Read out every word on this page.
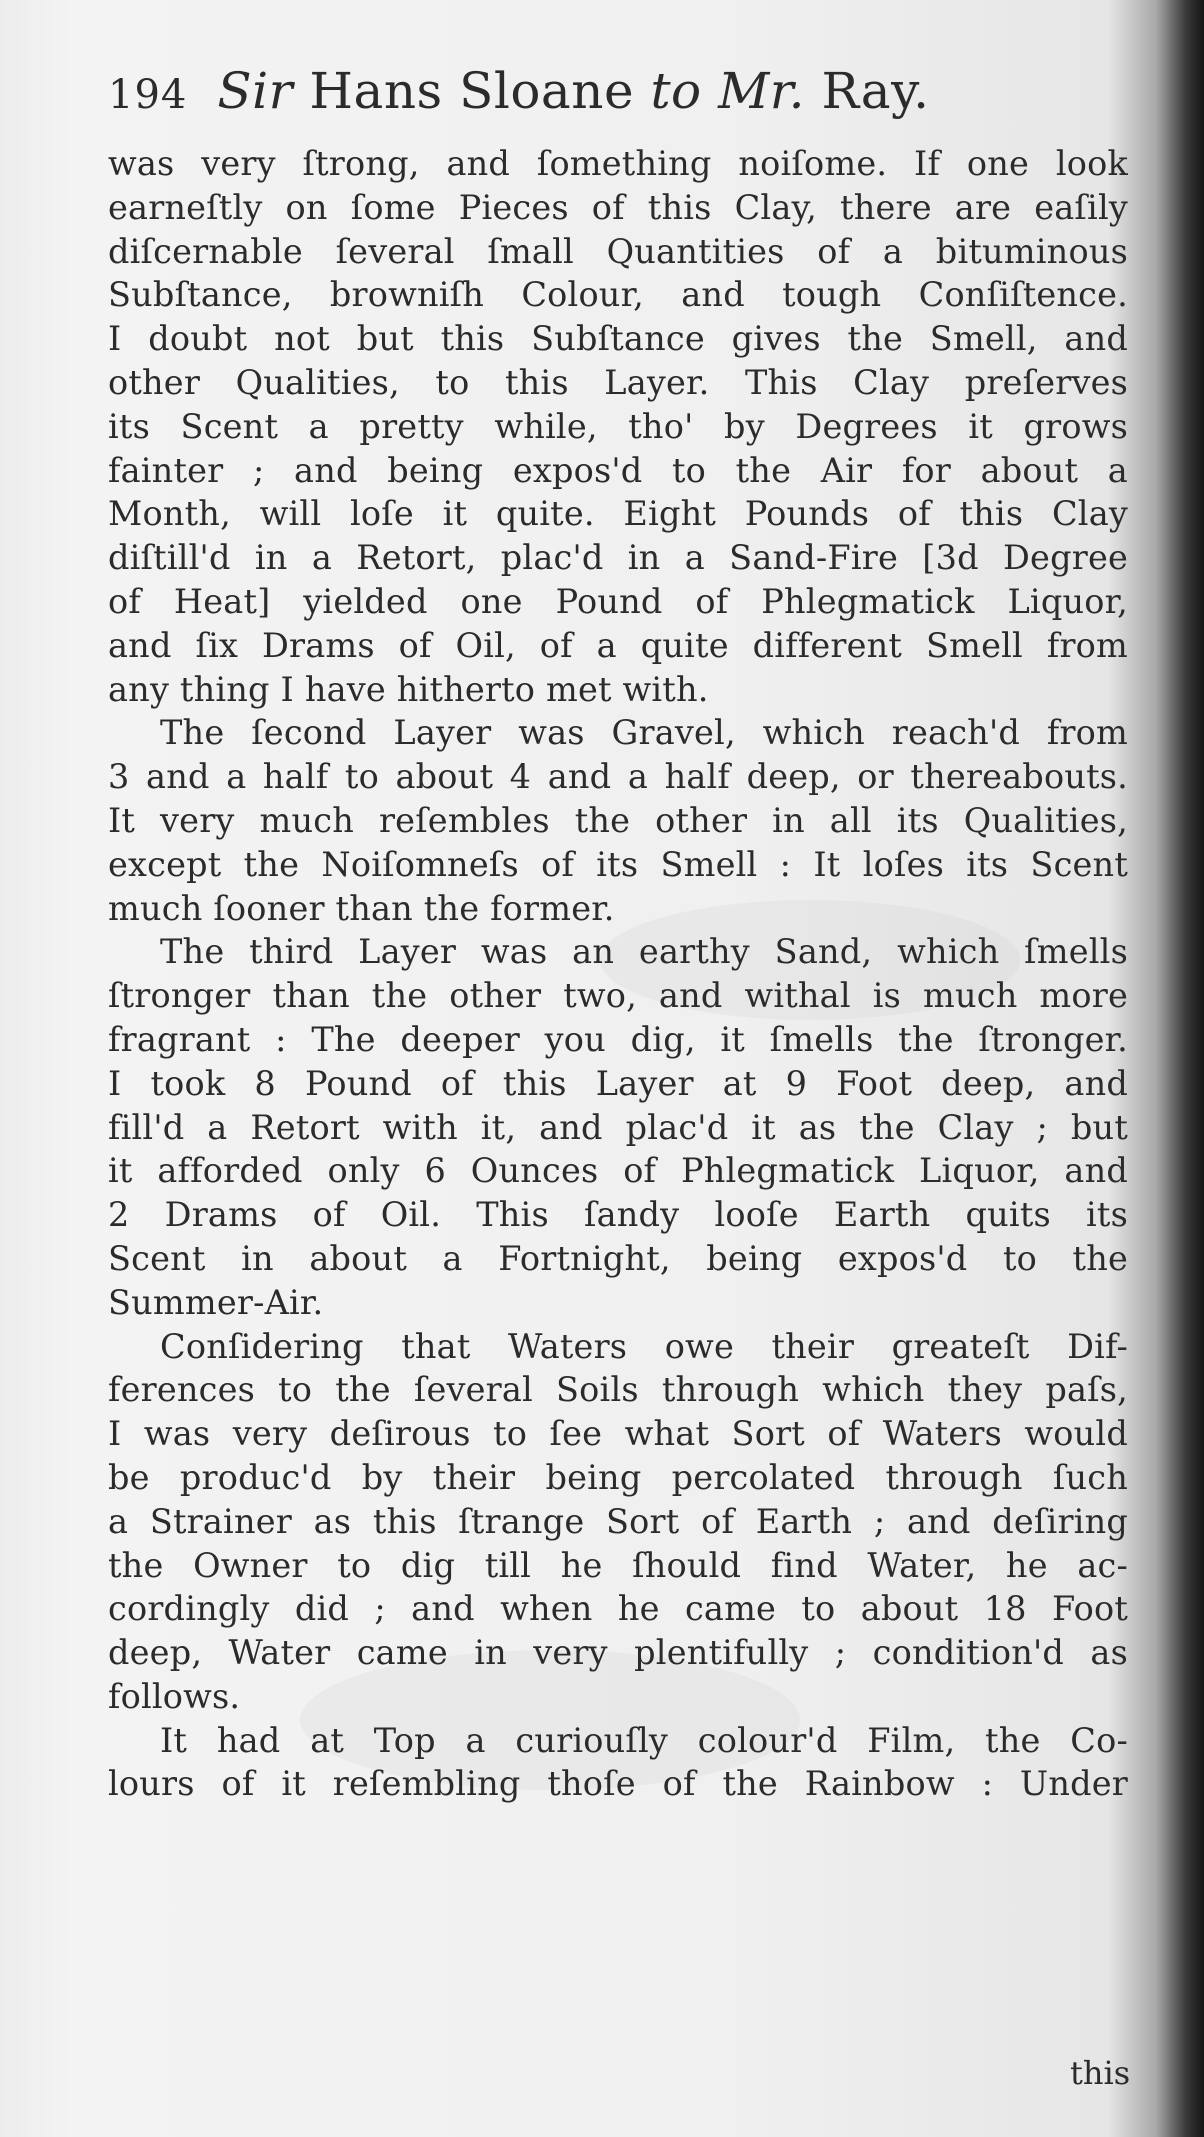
194 Sir Hans Sloane to Mr. Ray.
was very ſtrong, and ſomething noiſome. If one look
earneſtly on ſome Pieces of this Clay, there are eaſily
diſcernable ſeveral ſmall Quantities of a bituminous
Subſtance, browniſh Colour, and tough Conſiſtence.
I doubt not but this Subſtance gives the Smell, and
other Qualities, to this Layer. This Clay preſerves
its Scent a pretty while, tho' by Degrees it grows
fainter ; and being expos'd to the Air for about a
Month, will loſe it quite. Eight Pounds of this Clay
diſtill'd in a Retort, plac'd in a Sand-Fire [3d Degree
of Heat] yielded one Pound of Phlegmatick Liquor,
and ſix Drams of Oil, of a quite different Smell from
any thing I have hitherto met with.
The ſecond Layer was Gravel, which reach'd from
3 and a half to about 4 and a half deep, or thereabouts.
It very much reſembles the other in all its Qualities,
except the Noiſomneſs of its Smell : It loſes its Scent
much ſooner than the former.
The third Layer was an earthy Sand, which ſmells
ſtronger than the other two, and withal is much more
fragrant : The deeper you dig, it ſmells the ſtronger.
I took 8 Pound of this Layer at 9 Foot deep, and
fill'd a Retort with it, and plac'd it as the Clay ; but
it afforded only 6 Ounces of Phlegmatick Liquor, and
2 Drams of Oil. This ſandy looſe Earth quits its
Scent in about a Fortnight, being expos'd to the
Summer-Air.
Conſidering that Waters owe their greateſt Dif-
ferences to the ſeveral Soils through which they paſs,
I was very deſirous to ſee what Sort of Waters would
be produc'd by their being percolated through ſuch
a Strainer as this ſtrange Sort of Earth ; and deſiring
the Owner to dig till he ſhould find Water, he ac-
cordingly did ; and when he came to about 18 Foot
deep, Water came in very plentifully ; condition'd as
follows.
It had at Top a curiouſly colour'd Film, the Co-
lours of it reſembling thoſe of the Rainbow : Under
this
